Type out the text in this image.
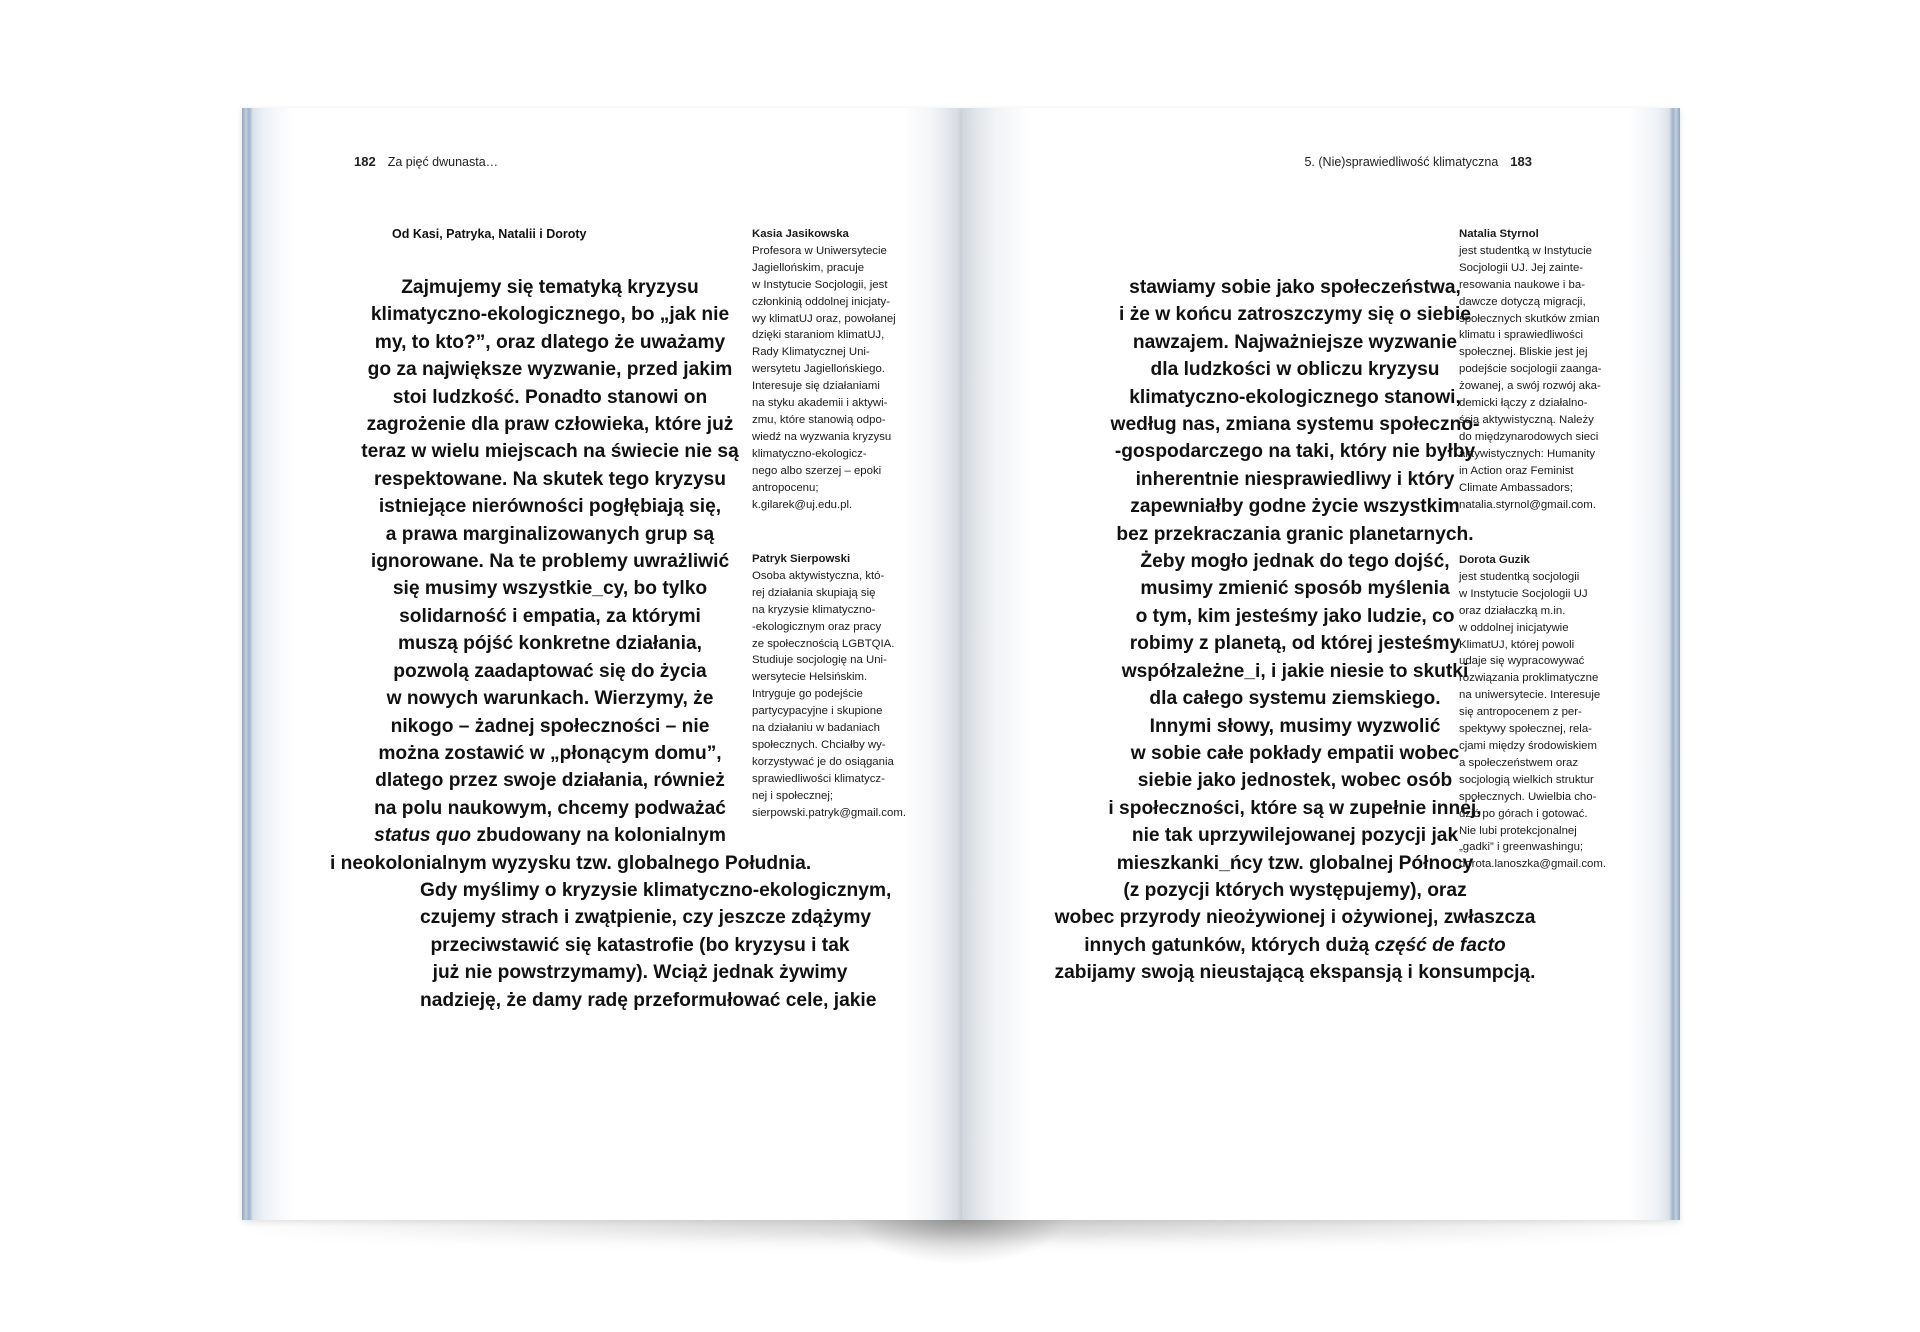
182 Za pięć dwunasta…	5. (Nie)sprawiedliwość klimatyczna 183
Od Kasi, Patryka, Natalii i Doroty
Zajmujemy się tematyką kryzysu
klimatyczno-ekologicznego, bo „jak nie
my, to kto?”, oraz dlatego że uważamy
go za największe wyzwanie, przed jakim
stoi ludzkość. Ponadto stanowi on
zagrożenie dla praw człowieka, które już
teraz w wielu miejscach na świecie nie są
respektowane. Na skutek tego kryzysu
istniejące nierówności pogłębiają się,
a prawa marginalizowanych grup są
ignorowane. Na te problemy uwrażliwić
się musimy wszystkie_cy, bo tylko
solidarność i empatia, za którymi
muszą pójść konkretne działania,
pozwolą zaadaptować się do życia
w nowych warunkach. Wierzymy, że
nikogo – żadnej społeczności – nie
można zostawić w „płonącym domu”,
dlatego przez swoje działania, również
na polu naukowym, chcemy podważać
status quo zbudowany na kolonialnym
i neokolonialnym wyzysku tzw. globalnego Południa.
Gdy myślimy o kryzysie klimatyczno-ekologicznym,
czujemy strach i zwątpienie, czy jeszcze zdążymy
przeciwstawić się katastrofie (bo kryzysu i tak
już nie powstrzymamy). Wciąż jednak żywimy
nadzieję, że damy radę przeformułować cele, jakie
stawiamy sobie jako społeczeństwa,
i że w końcu zatroszczymy się o siebie
nawzajem. Najważniejsze wyzwanie
dla ludzkości w obliczu kryzysu
klimatyczno-ekologicznego stanowi,
według nas, zmiana systemu społeczno-
-gospodarczego na taki, który nie byłby
inherentnie niesprawiedliwy i który
zapewniałby godne życie wszystkim
bez przekraczania granic planetarnych.
Żeby mogło jednak do tego dojść,
musimy zmienić sposób myślenia
o tym, kim jesteśmy jako ludzie, co
robimy z planetą, od której jesteśmy
współzależne_i, i jakie niesie to skutki
dla całego systemu ziemskiego.
Innymi słowy, musimy wyzwolić
w sobie całe pokłady empatii wobec
siebie jako jednostek, wobec osób
i społeczności, które są w zupełnie innej,
nie tak uprzywilejowanej pozycji jak
mieszkanki_ńcy tzw. globalnej Północy
(z pozycji których występujemy), oraz
wobec przyrody nieożywionej i ożywionej, zwłaszcza
innych gatunków, których dużą część de facto
zabijamy swoją nieustającą ekspansją i konsumpcją.
Kasia Jasikowska
Profesora w Uniwersytecie
Jagiellońskim, pracuje
w Instytucie Socjologii, jest
członkinią oddolnej inicjaty-
wy klimatUJ oraz, powołanej
dzięki staraniom klimatUJ,
Rady Klimatycznej Uni-
wersytetu Jagiellońskiego.
Interesuje się działaniami
na styku akademii i aktywi-
zmu, które stanowią odpo-
wiedź na wyzwania kryzysu
klimatyczno-ekologicz-
nego albo szerzej – epoki
antropocenu;
k.gilarek@uj.edu.pl.
Patryk Sierpowski
Osoba aktywistyczna, któ-
rej działania skupiają się
na kryzysie klimatyczno-
-ekologicznym oraz pracy
ze społecznością LGBTQIA.
Studiuje socjologię na Uni-
wersytecie Helsińskim.
Intryguje go podejście
partycypacyjne i skupione
na działaniu w badaniach
społecznych. Chciałby wy-
korzystywać je do osiągania
sprawiedliwości klimatycz-
nej i społecznej;
sierpowski.patryk@gmail.com.
Natalia Styrnol
jest studentką w Instytucie
Socjologii UJ. Jej zainte-
resowania naukowe i ba-
dawcze dotyczą migracji,
społecznych skutków zmian
klimatu i sprawiedliwości
społecznej. Bliskie jest jej
podejście socjologii zaanga-
żowanej, a swój rozwój aka-
demicki łączy z działalno-
ścią aktywistyczną. Należy
do międzynarodowych sieci
aktywistycznych: Humanity
in Action oraz Feminist
Climate Ambassadors;
natalia.styrnol@gmail.com.
Dorota Guzik
jest studentką socjologii
w Instytucie Socjologii UJ
oraz działaczką m.in.
w oddolnej inicjatywie
KlimatUJ, której powoli
udaje się wypracowywać
rozwiązania proklimatyczne
na uniwersytecie. Interesuje
się antropocenem z per-
spektywy społecznej, rela-
cjami między środowiskiem
a społeczeństwem oraz
socjologią wielkich struktur
społecznych. Uwielbia cho-
dzić po górach i gotować.
Nie lubi protekcjonalnej
„gadki” i greenwashingu;
dorota.lanoszka@gmail.com.
